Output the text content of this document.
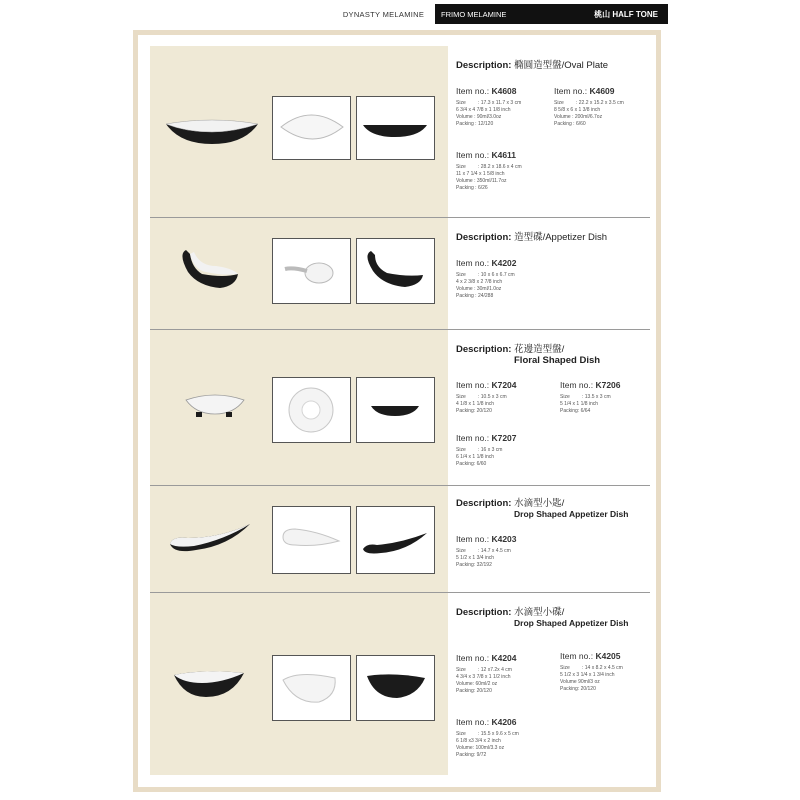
DYNASTY MELAMINE	FRIMO MELAMINE	桃山 HALF TONE
Description: 橢圓造型盤/Oval Plate
Item no.: K4608
Size : 17.3 x 11.7 x 3 cm
6 3/4 x 4 7/8 x 1 1/8 inch
Volume : 90ml/3.0oz
Packing : 12/120
Item no.: K4609
Size : 22.2 x 15.2 x 3.5 cm
8 5/8 x 6 x 1 3/8 inch
Volume : 200ml/6.7oz
Packing : 6/60
Item no.: K4611
Size : 28.2 x 18.6 x 4 cm
11 x 7 1/4 x 1 5/8 inch
Volume : 350ml/11.7oz
Packing : 6/26
Description: 造型碟/Appetizer Dish
Item no.: K4202
Size : 10 x 6 x 6.7 cm
4 x 2 3/8 x 2 7/8 inch
Volume : 30ml/1.0oz
Packing : 24/288
Description: 花邊造型盤/
Floral Shaped Dish
Item no.: K7204
Size : 10.5 x 3 cm
4 1/8 x 1 1/8 inch
Packing: 20/120
Item no.: K7206
Size : 13.5 x 3 cm
5 1/4 x 1 1/8 inch
Packing: 6/64
Item no.: K7207
Size : 16 x 3 cm
6 1/4 x 1 1/8 inch
Packing: 6/60
Description: 水滴型小匙/
Drop Shaped Appetizer Dish
Item no.: K4203
Size : 14.7 x 4.5 cm
5 1/2 x 1 3/4 inch
Packing: 32/192
Description: 水滴型小碟/
Drop Shaped Appetizer Dish
Item no.: K4204
Size : 12 x7.2x 4 cm
4 3/4 x 3 7/8 x 1 1/2 inch
Volume: 60ml/2 oz
Packing: 20/120
Item no.: K4205
Size : 14 x 8.2 x 4.5 cm
5 1/2 x 3 1/4 x 1 3/4 inch
Volume 90ml/3 oz
Packing: 20/120
Item no.: K4206
Size : 15.5 x 9.6 x 5 cm
6 1/8 x3 3/4 x 2 inch
Volume: 100ml/3.3 oz
Packing: 9/72
